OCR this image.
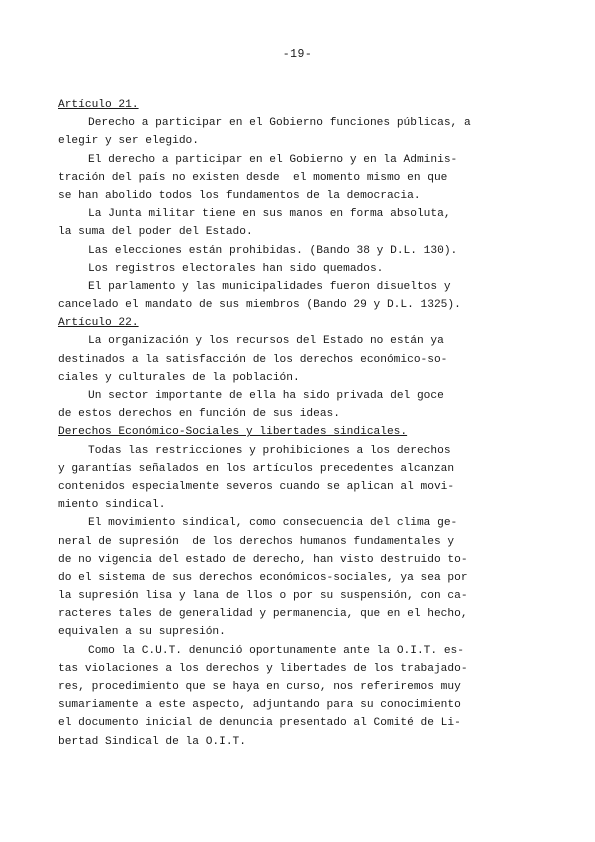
-19-
Artículo 21.
Derecho a participar en el Gobierno funciones públicas, a
elegir y ser elegido.
El derecho a participar en el Gobierno y en la Adminis-
tración del país no existen desde  el momento mismo en que
se han abolido todos los fundamentos de la democracia.
La Junta militar tiene en sus manos en forma absoluta,
la suma del poder del Estado.
Las elecciones están prohibidas. (Bando 38 y D.L. 130).
Los registros electorales han sido quemados.
El parlamento y las municipalidades fueron disueltos y
cancelado el mandato de sus miembros (Bando 29 y D.L. 1325).
Artículo 22.
La organización y los recursos del Estado no están ya
destinados a la satisfacción de los derechos económico-so-
ciales y culturales de la población.
Un sector importante de ella ha sido privada del goce
de estos derechos en función de sus ideas.
Derechos Económico-Sociales y libertades sindicales.
Todas las restricciones y prohibiciones a los derechos
y garantías señalados en los artículos precedentes alcanzan
contenidos especialmente severos cuando se aplican al movi-
miento sindical.
El movimiento sindical, como consecuencia del clima ge-
neral de supresión  de los derechos humanos fundamentales y
de no vigencia del estado de derecho, han visto destruido to-
do el sistema de sus derechos económicos-sociales, ya sea por
la supresión lisa y lana de llos o por su suspensión, con ca-
racteres tales de generalidad y permanencia, que en el hecho,
equivalen a su supresión.
Como la C.U.T. denunció oportunamente ante la O.I.T. es-
tas violaciones a los derechos y libertades de los trabajado-
res, procedimiento que se haya en curso, nos referiremos muy
sumariamente a este aspecto, adjuntando para su conocimiento
el documento inicial de denuncia presentado al Comité de Li-
bertad Sindical de la O.I.T.
